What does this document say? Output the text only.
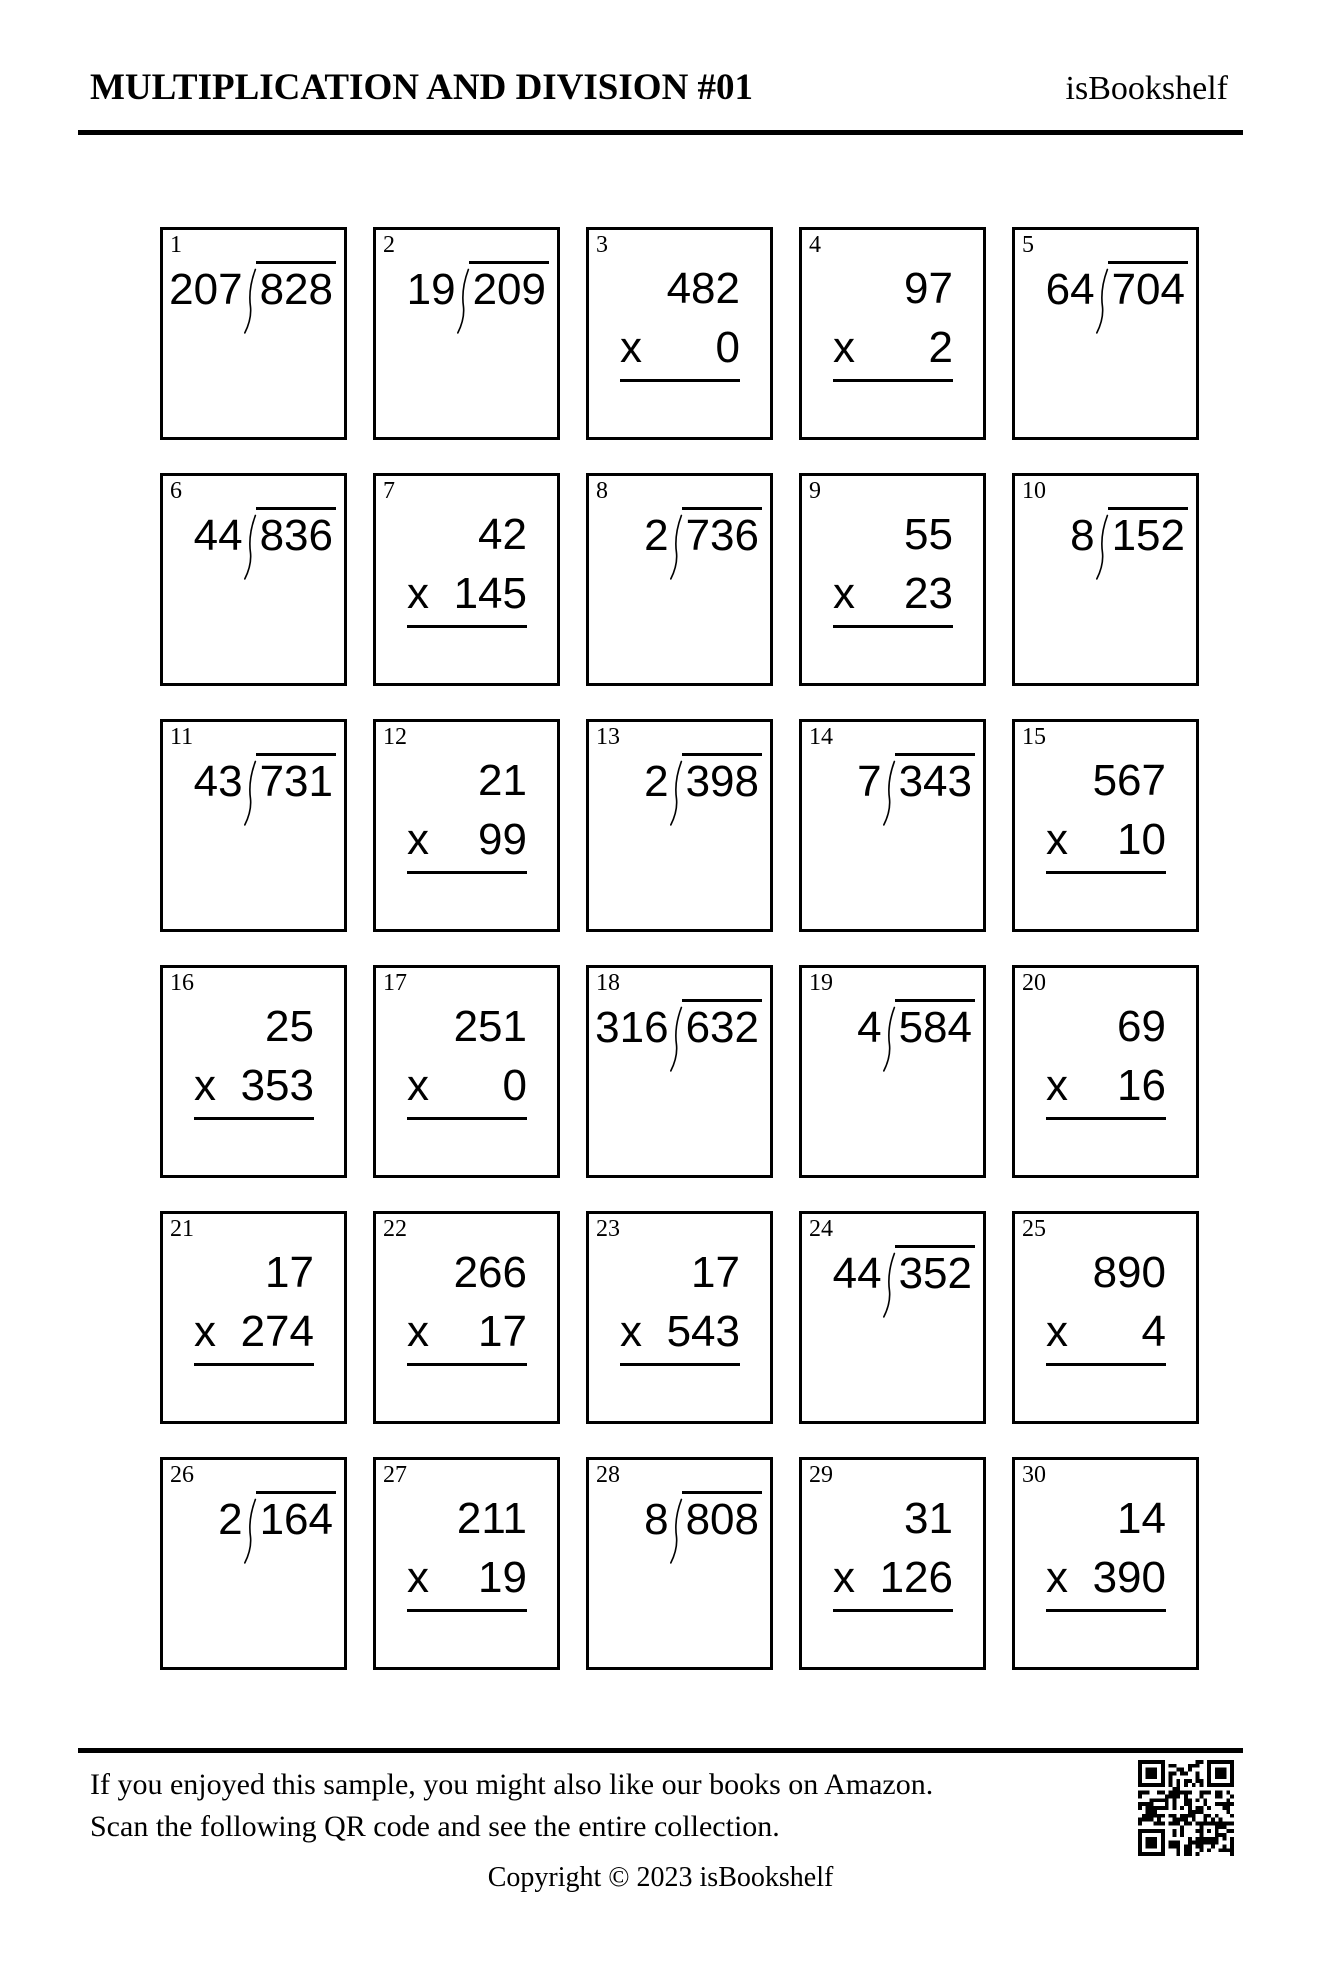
MULTIPLICATION AND DIVISION #01	isBookshelf
1
207 828
2
19 209
3
482
x 0
4
97
x 2
5
64 704
6
44 836
7
42
x 145
8
2 736
9
55
x 23
10
8 152
11
43 731
12
21
x 99
13
2 398
14
7 343
15
567
x 10
16
25
x 353
17
251
x 0
18
316 632
19
4 584
20
69
x 16
21
17
x 274
22
266
x 17
23
17
x 543
24
44 352
25
890
x 4
26
2 164
27
211
x 19
28
8 808
29
31
x 126
30
14
x 390
If you enjoyed this sample, you might also like our books on Amazon.
Scan the following QR code and see the entire collection.
Copyright © 2023 isBookshelf
